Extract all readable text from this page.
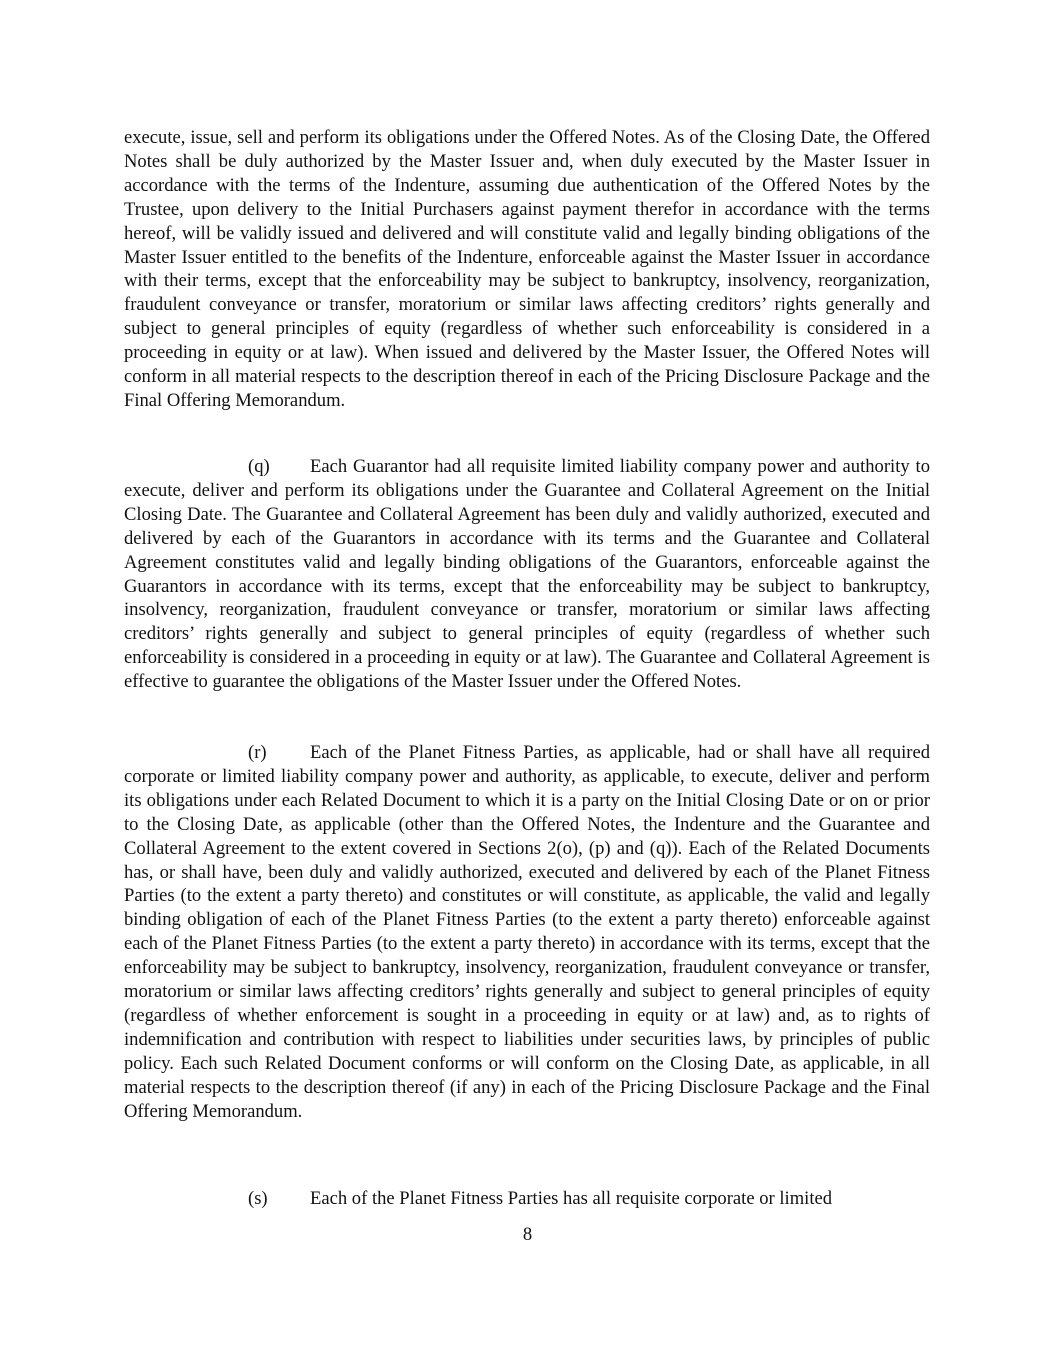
execute, issue, sell and perform its obligations under the Offered Notes. As of the Closing Date, the Offered Notes shall be duly authorized by the Master Issuer and, when duly executed by the Master Issuer in accordance with the terms of the Indenture, assuming due authentication of the Offered Notes by the Trustee, upon delivery to the Initial Purchasers against payment therefor in accordance with the terms hereof, will be validly issued and delivered and will constitute valid and legally binding obligations of the Master Issuer entitled to the benefits of the Indenture, enforceable against the Master Issuer in accordance with their terms, except that the enforceability may be subject to bankruptcy, insolvency, reorganization, fraudulent conveyance or transfer, moratorium or similar laws affecting creditors’ rights generally and subject to general principles of equity (regardless of whether such enforceability is considered in a proceeding in equity or at law). When issued and delivered by the Master Issuer, the Offered Notes will conform in all material respects to the description thereof in each of the Pricing Disclosure Package and the Final Offering Memorandum.

(q) Each Guarantor had all requisite limited liability company power and authority to execute, deliver and perform its obligations under the Guarantee and Collateral Agreement on the Initial Closing Date. The Guarantee and Collateral Agreement has been duly and validly authorized, executed and delivered by each of the Guarantors in accordance with its terms and the Guarantee and Collateral Agreement constitutes valid and legally binding obligations of the Guarantors, enforceable against the Guarantors in accordance with its terms, except that the enforceability may be subject to bankruptcy, insolvency, reorganization, fraudulent conveyance or transfer, moratorium or similar laws affecting creditors’ rights generally and subject to general principles of equity (regardless of whether such enforceability is considered in a proceeding in equity or at law). The Guarantee and Collateral Agreement is effective to guarantee the obligations of the Master Issuer under the Offered Notes.

(r) Each of the Planet Fitness Parties, as applicable, had or shall have all required corporate or limited liability company power and authority, as applicable, to execute, deliver and perform its obligations under each Related Document to which it is a party on the Initial Closing Date or on or prior to the Closing Date, as applicable (other than the Offered Notes, the Indenture and the Guarantee and Collateral Agreement to the extent covered in Sections 2(o), (p) and (q)). Each of the Related Documents has, or shall have, been duly and validly authorized, executed and delivered by each of the Planet Fitness Parties (to the extent a party thereto) and constitutes or will constitute, as applicable, the valid and legally binding obligation of each of the Planet Fitness Parties (to the extent a party thereto) enforceable against each of the Planet Fitness Parties (to the extent a party thereto) in accordance with its terms, except that the enforceability may be subject to bankruptcy, insolvency, reorganization, fraudulent conveyance or transfer, moratorium or similar laws affecting creditors’ rights generally and subject to general principles of equity (regardless of whether enforcement is sought in a proceeding in equity or at law) and, as to rights of indemnification and contribution with respect to liabilities under securities laws, by principles of public policy. Each such Related Document conforms or will conform on the Closing Date, as applicable, in all material respects to the description thereof (if any) in each of the Pricing Disclosure Package and the Final Offering Memorandum.

(s) Each of the Planet Fitness Parties has all requisite corporate or limited

8
